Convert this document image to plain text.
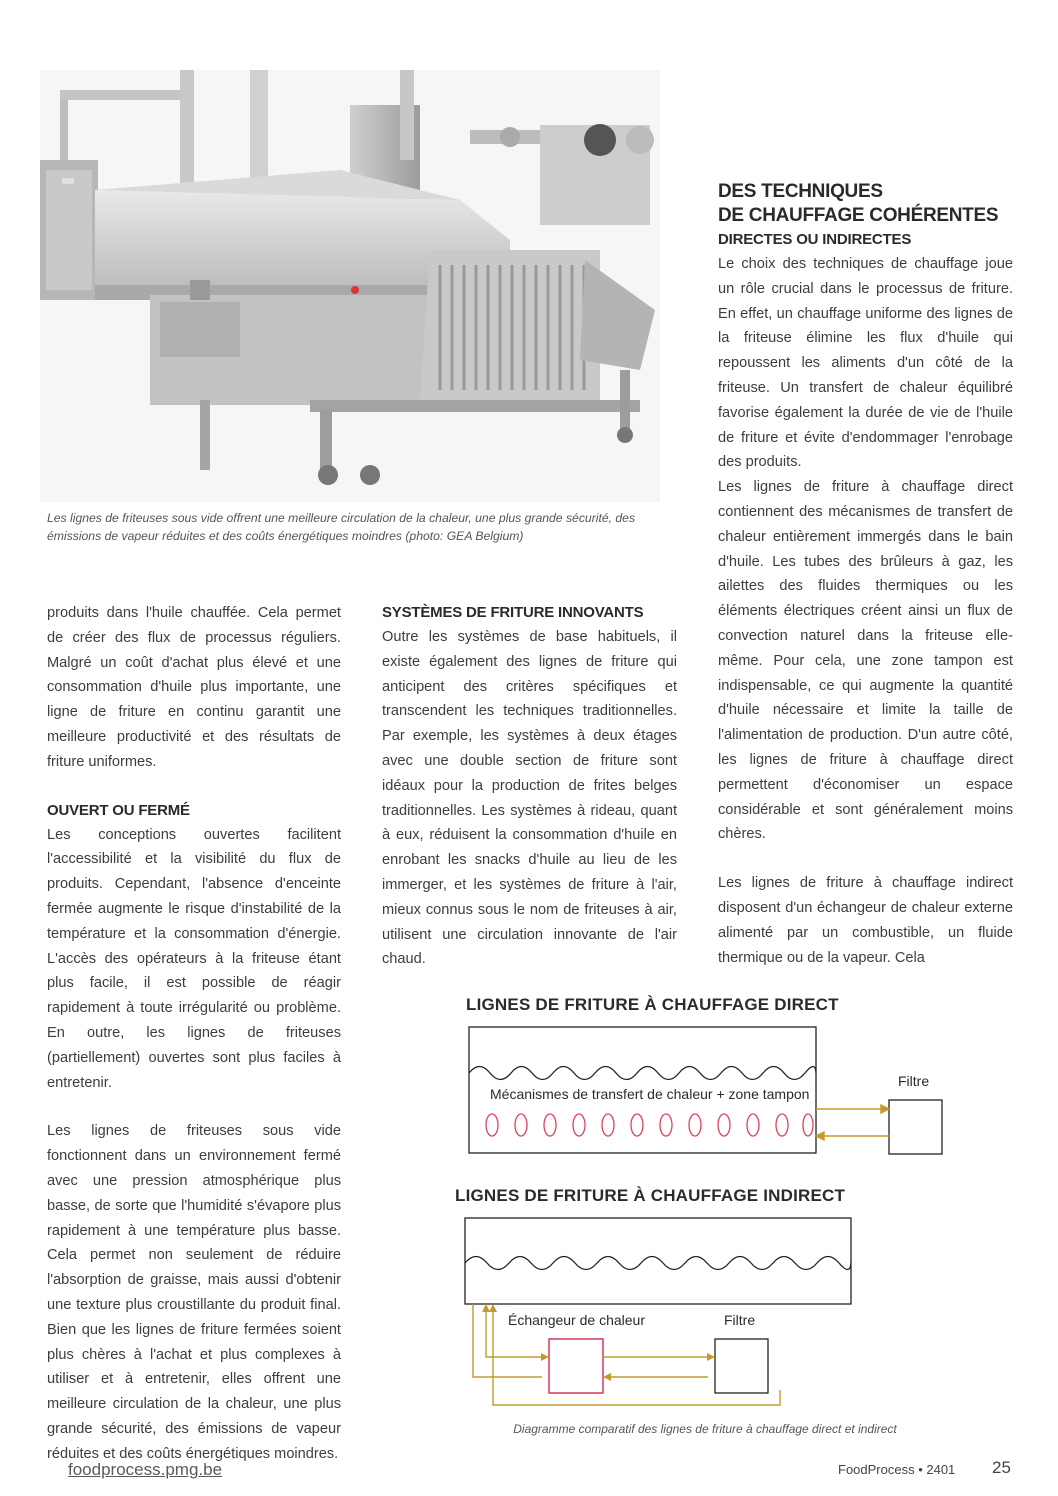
Les lignes de friteuses sous vide offrent une meilleure circulation de la chaleur, une plus grande sécurité, des émissions de vapeur réduites et des coûts énergétiques moindres (photo: GEA Belgium)

produits dans l'huile chauffée. Cela permet de créer des flux de processus réguliers. Malgré un coût d'achat plus élevé et une consommation d'huile plus importante, une ligne de friture en continu garantit une meilleure productivité et des résultats de friture uniformes.

OUVERT OU FERMÉ

Les conceptions ouvertes facilitent l'accessibilité et la visibilité du flux de produits. Cependant, l'absence d'enceinte fermée augmente le risque d'instabilité de la température et la consommation d'énergie. L'accès des opérateurs à la friteuse étant plus facile, il est possible de réagir rapidement à toute irrégularité ou problème. En outre, les lignes de friteuses (partiellement) ouvertes sont plus faciles à entretenir.

Les lignes de friteuses sous vide fonctionnent dans un environnement fermé avec une pression atmosphérique plus basse, de sorte que l'humidité s'évapore plus rapidement à une température plus basse. Cela permet non seulement de réduire l'absorption de graisse, mais aussi d'obtenir une texture plus croustillante du produit final. Bien que les lignes de friture fermées soient plus chères à l'achat et plus complexes à utiliser et à entretenir, elles offrent une meilleure circulation de la chaleur, une plus grande sécurité, des émissions de vapeur réduites et des coûts énergétiques moindres.

SYSTÈMES DE FRITURE INNOVANTS

Outre les systèmes de base habituels, il existe également des lignes de friture qui anticipent des critères spécifiques et transcendent les techniques traditionnelles. Par exemple, les systèmes à deux étages avec une double section de friture sont idéaux pour la production de frites belges traditionnelles. Les systèmes à rideau, quant à eux, réduisent la consommation d'huile en enrobant les snacks d'huile au lieu de les immerger, et les systèmes de friture à l'air, mieux connus sous le nom de friteuses à air, utilisent une circulation innovante de l'air chaud.

DES TECHNIQUES
DE CHAUFFAGE COHÉRENTES
DIRECTES OU INDIRECTES

Le choix des techniques de chauffage joue un rôle crucial dans le processus de friture. En effet, un chauffage uniforme des lignes de la friteuse élimine les flux d'huile qui repoussent les aliments d'un côté de la friteuse. Un transfert de chaleur équilibré favorise également la durée de vie de l'huile de friture et évite d'endommager l'enrobage des produits.

Les lignes de friture à chauffage direct contiennent des mécanismes de transfert de chaleur entièrement immergés dans le bain d'huile. Les tubes des brûleurs à gaz, les ailettes des fluides thermiques ou les éléments électriques créent ainsi un flux de convection naturel dans la friteuse elle-même. Pour cela, une zone tampon est indispensable, ce qui augmente la quantité d'huile nécessaire et limite la taille de l'alimentation de production. D'un autre côté, les lignes de friture à chauffage direct permettent d'économiser un espace considérable et sont généralement moins chères.

Les lignes de friture à chauffage indirect disposent d'un échangeur de chaleur externe alimenté par un combustible, un fluide thermique ou de la vapeur. Cela

LIGNES DE FRITURE À CHAUFFAGE DIRECT
Mécanismes de transfert de chaleur + zone tampon
Filtre
LIGNES DE FRITURE À CHAUFFAGE INDIRECT
Échangeur de chaleur	Filtre
Diagramme comparatif des lignes de friture à chauffage direct et indirect
foodprocess.pmg.be	FoodProcess • 2401 25
